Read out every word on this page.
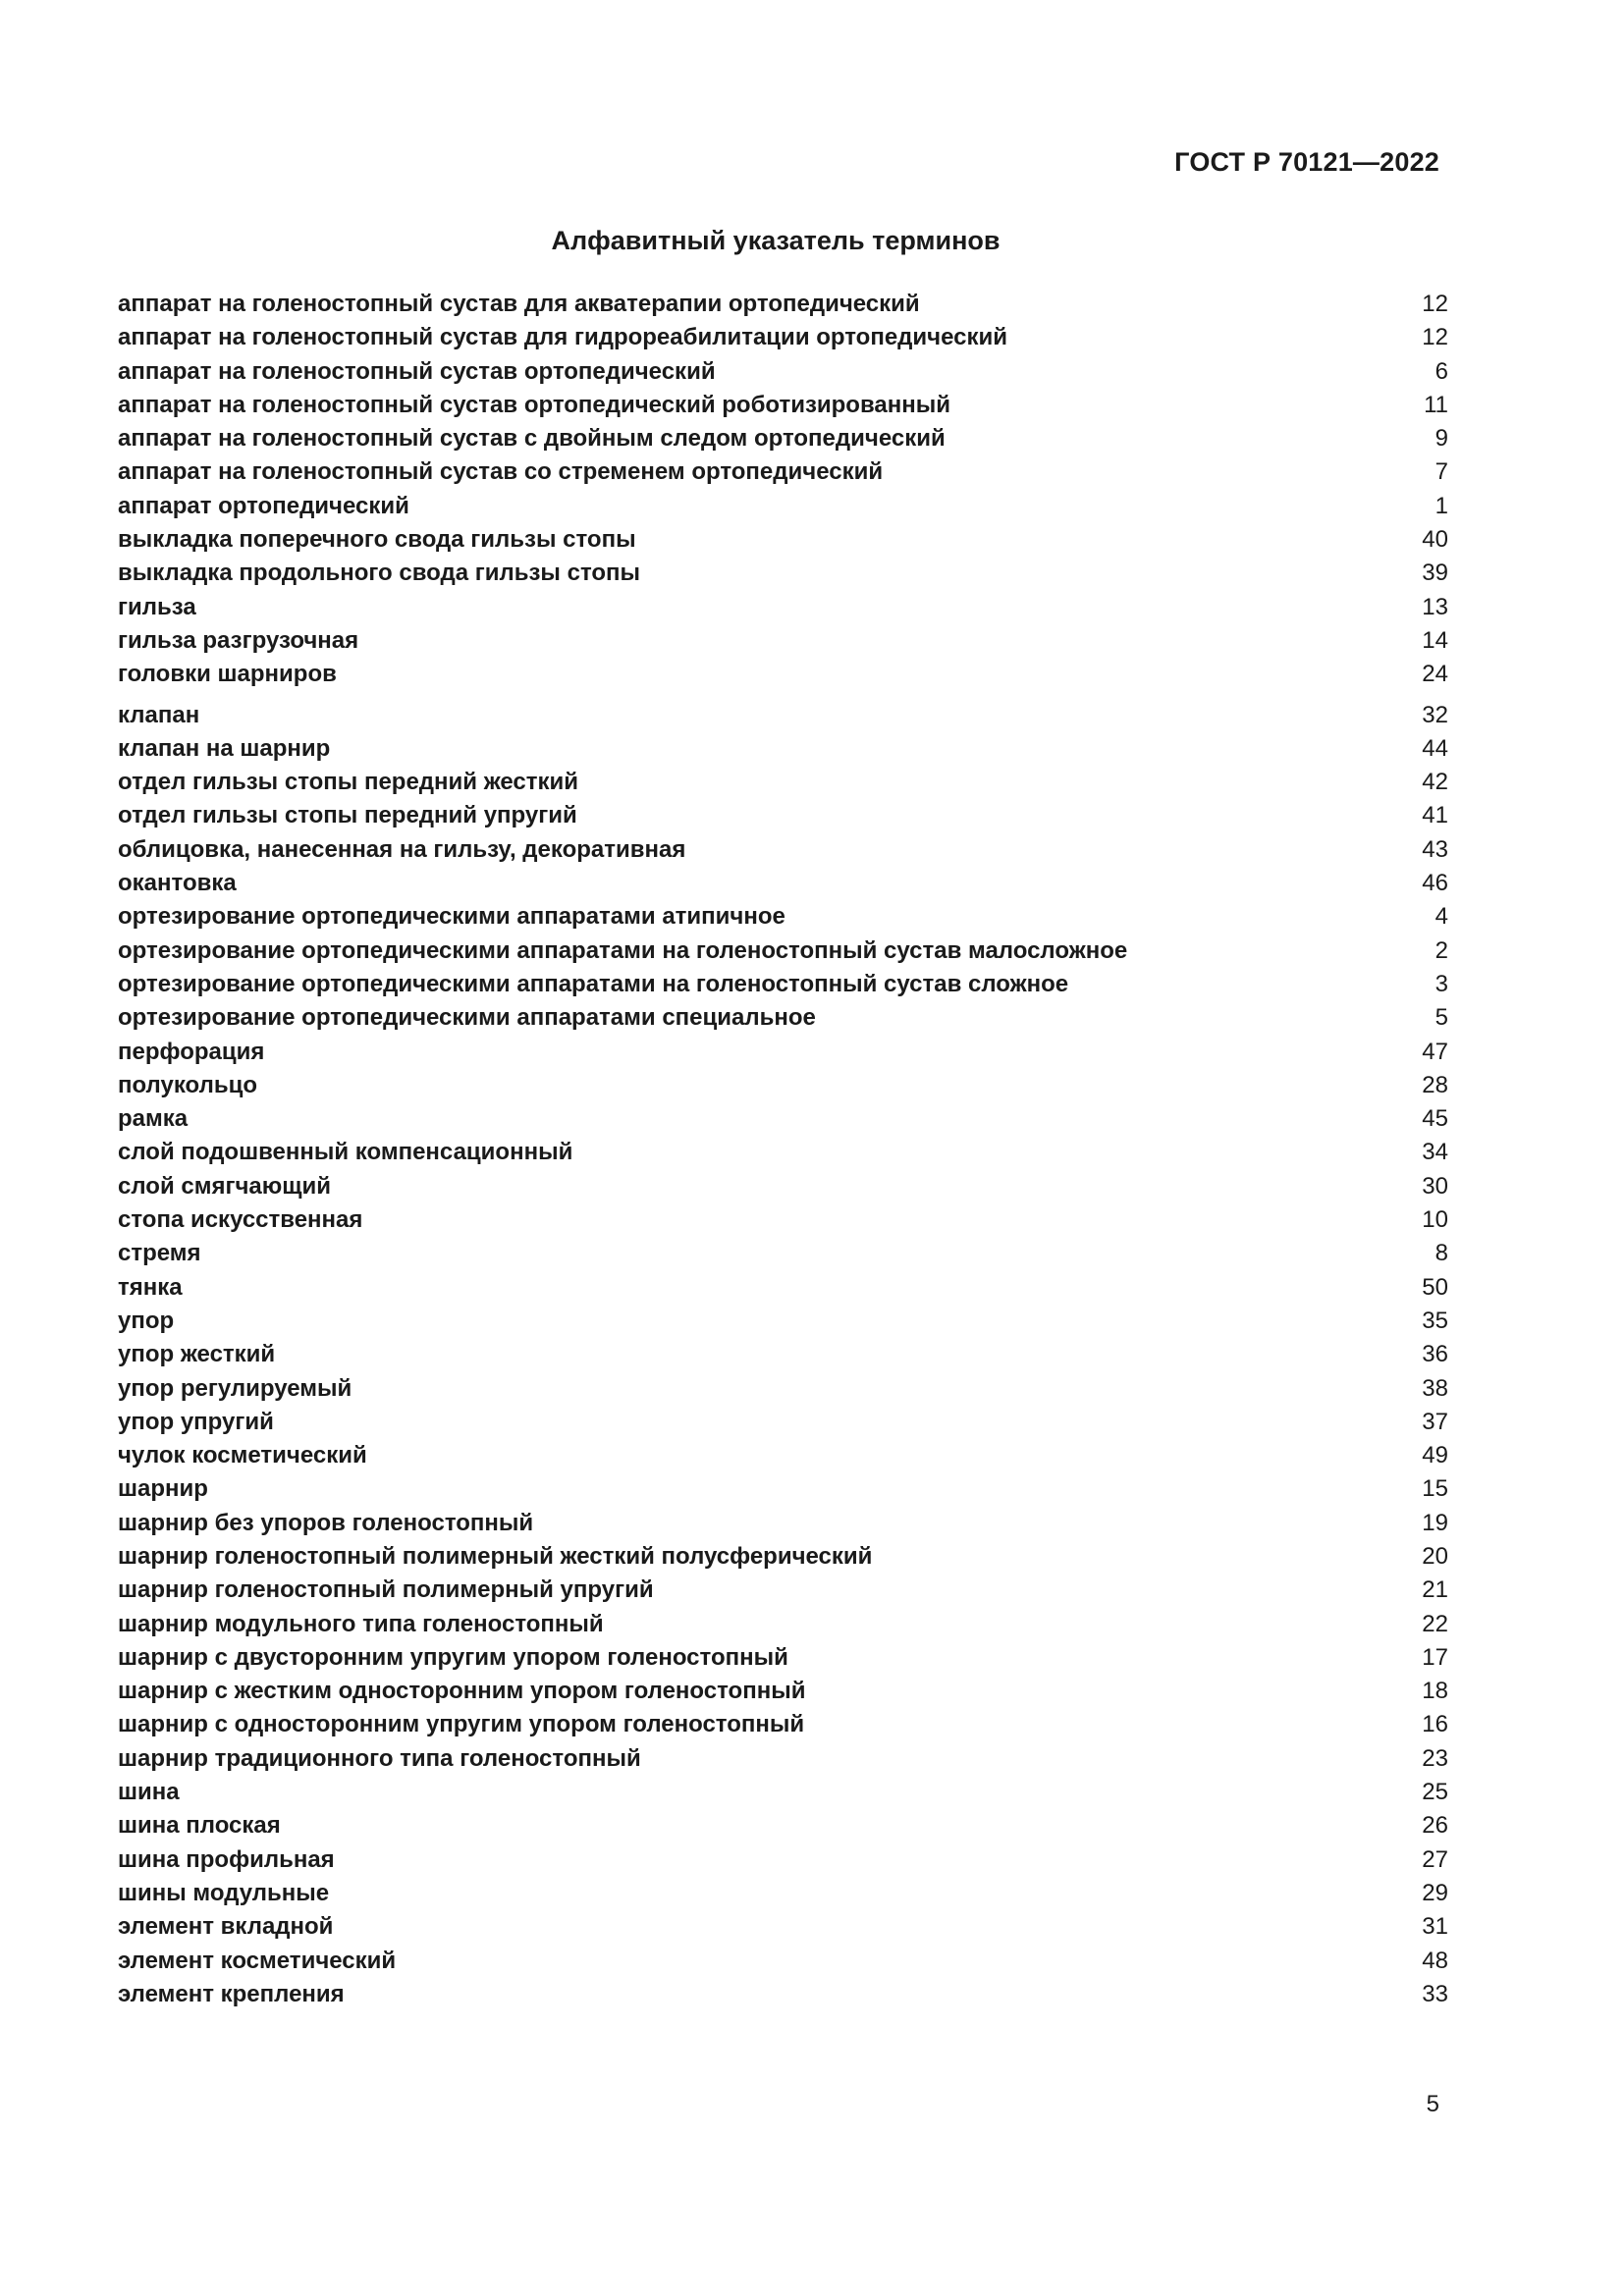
ГОСТ Р 70121—2022
Алфавитный указатель терминов
аппарат на голеностопный сустав для акватерапии ортопедический	12
аппарат на голеностопный сустав для гидрореабилитации ортопедический	12
аппарат на голеностопный сустав ортопедический	6
аппарат на голеностопный сустав ортопедический роботизированный	11
аппарат на голеностопный сустав с двойным следом ортопедический	9
аппарат на голеностопный сустав со стременем ортопедический	7
аппарат ортопедический	1
выкладка поперечного свода гильзы стопы	40
выкладка продольного свода гильзы стопы	39
гильза	13
гильза разгрузочная	14
головки шарниров	24
клапан	32
клапан на шарнир	44
отдел гильзы стопы передний жесткий	42
отдел гильзы стопы передний упругий	41
облицовка, нанесенная на гильзу, декоративная	43
окантовка	46
ортезирование ортопедическими аппаратами атипичное	4
ортезирование ортопедическими аппаратами на голеностопный сустав малосложное	2
ортезирование ортопедическими аппаратами на голеностопный сустав сложное	3
ортезирование ортопедическими аппаратами специальное	5
перфорация	47
полукольцо	28
рамка	45
слой подошвенный компенсационный	34
слой смягчающий	30
стопа искусственная	10
стремя	8
тянка	50
упор	35
упор жесткий	36
упор регулируемый	38
упор упругий	37
чулок косметический	49
шарнир	15
шарнир без упоров голеностопный	19
шарнир голеностопный полимерный жесткий полусферический	20
шарнир голеностопный полимерный упругий	21
шарнир модульного типа голеностопный	22
шарнир с двусторонним упругим упором голеностопный	17
шарнир с жестким односторонним упором голеностопный	18
шарнир с односторонним упругим упором голеностопный	16
шарнир традиционного типа голеностопный	23
шина	25
шина плоская	26
шина профильная	27
шины модульные	29
элемент вкладной	31
элемент косметический	48
элемент крепления	33
5
